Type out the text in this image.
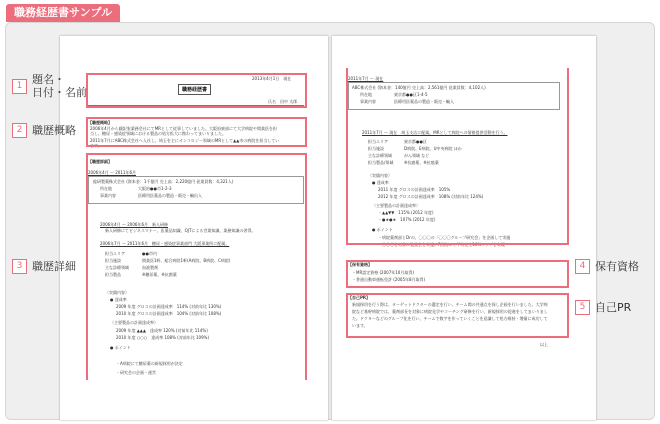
職務経歴書サンプル
2013年4月1日　現在
職務経歴書
氏名　田中 太郎
【職歴概略】
2006年4月から翻訳家業務会社にてMRとして従事していました。大阪府東部にて大学病院や開業医を担
当し、糖尿・感染症領域における製品の処方拡大に携わってまいりました。
2011年7月にABC株式会社へ入社し、埼玉を主にオンコロジー領域のMRとして▲▲市の病院を担当してい
ます。
【職歴詳細】
2006年4月 〜 2011年6月
総研製薬株式会社 (資本金：1千億円 売上高：2,220億円 従業員数：4,321人)
所在地	大阪府●●市1-2-3
事業内容	医療用医薬品の製造・販売・輸出入
2006年4月 〜 2006年6月　新人研修
新人研修にてビジネスマナー、医薬品知識、OJTによる営業知識、業務知識の習得。
2006年7月 〜 2011年6月　糖尿・感染症事業部門 大阪事業所に配属。
担当エリア	●●市内
担当施設	開業医1軒、総合病院1軒(A病院、B病院、C病院)
主な診療領域	血液製剤
担当製品	※糖尿薬、※抗菌薬
〈実績内容〉
● 達成率
2009 年度 グロスの計画達成率　114% (対前年比 130%)
2010 年度 グロスの計画達成率　104% (対前年比 108%)
〈主要製品の計画達成率〉
2009 年度 ▲▲▲　達成率 120% (対前年比 114%)
2010 年度 ○○○　達成率 108% (対前年比 109%)
● ポイント
・A病院にて糖尿薬の新規採用が決定
・研究会の企画・運営
2011年7月 〜 現在
ABC株式会社 (資本金：140億円 売上高：2,561億円 従業員数：4,102人)
所在地	東京都●●区1-4-5
事業内容	医療用医薬品の製造・販売・輸入
2011年7月 〜 現在　埼玉支店に配属。MRとして病院への情報提供活動を行う。
担当エリア	東京都●●区
担当施設	D病院、E病院、U中央病院 ほか
主な診療領域	がん領域 など
担当製品/領域	※抗癌薬、※抗癌薬
〈実績内容〉
● 達成率
2011 年度 グロスの計画達成率　105%
2012 年度 グロスの計画達成率　108% (対前年比 124%)
〈主要製品の計画達成率〉
・▲▲▼▼　115% (2012 年度)
・●★●★　107% (2012 年度)
● ポイント
・病院薬剤部とDrの、〇〇〇の「〇〇〇グループ研究会」を企画して実施
【保有資格】
・MR認定資格 (2007年10月取得)
・普通自動車運転免許 (2005年8月取得)
【自己PR】
新規採用を行う際は、ターゲットドクターの選定を行い、チーム間の共通点を探し企画を行いました。大学病
院など基幹病院では、薬剤部長を対象に病院見学やコーチング研修を行い、新規採用の促進をしてまいりまし
た。ドクターなどのグループ化を行い、チームで数字を作っていくことを意識して処方維持・増量に成功して
います。
以上
1 題名・
日付・名前
2 職歴概略
3 職歴詳細	4 保有資格
5 自己PR
